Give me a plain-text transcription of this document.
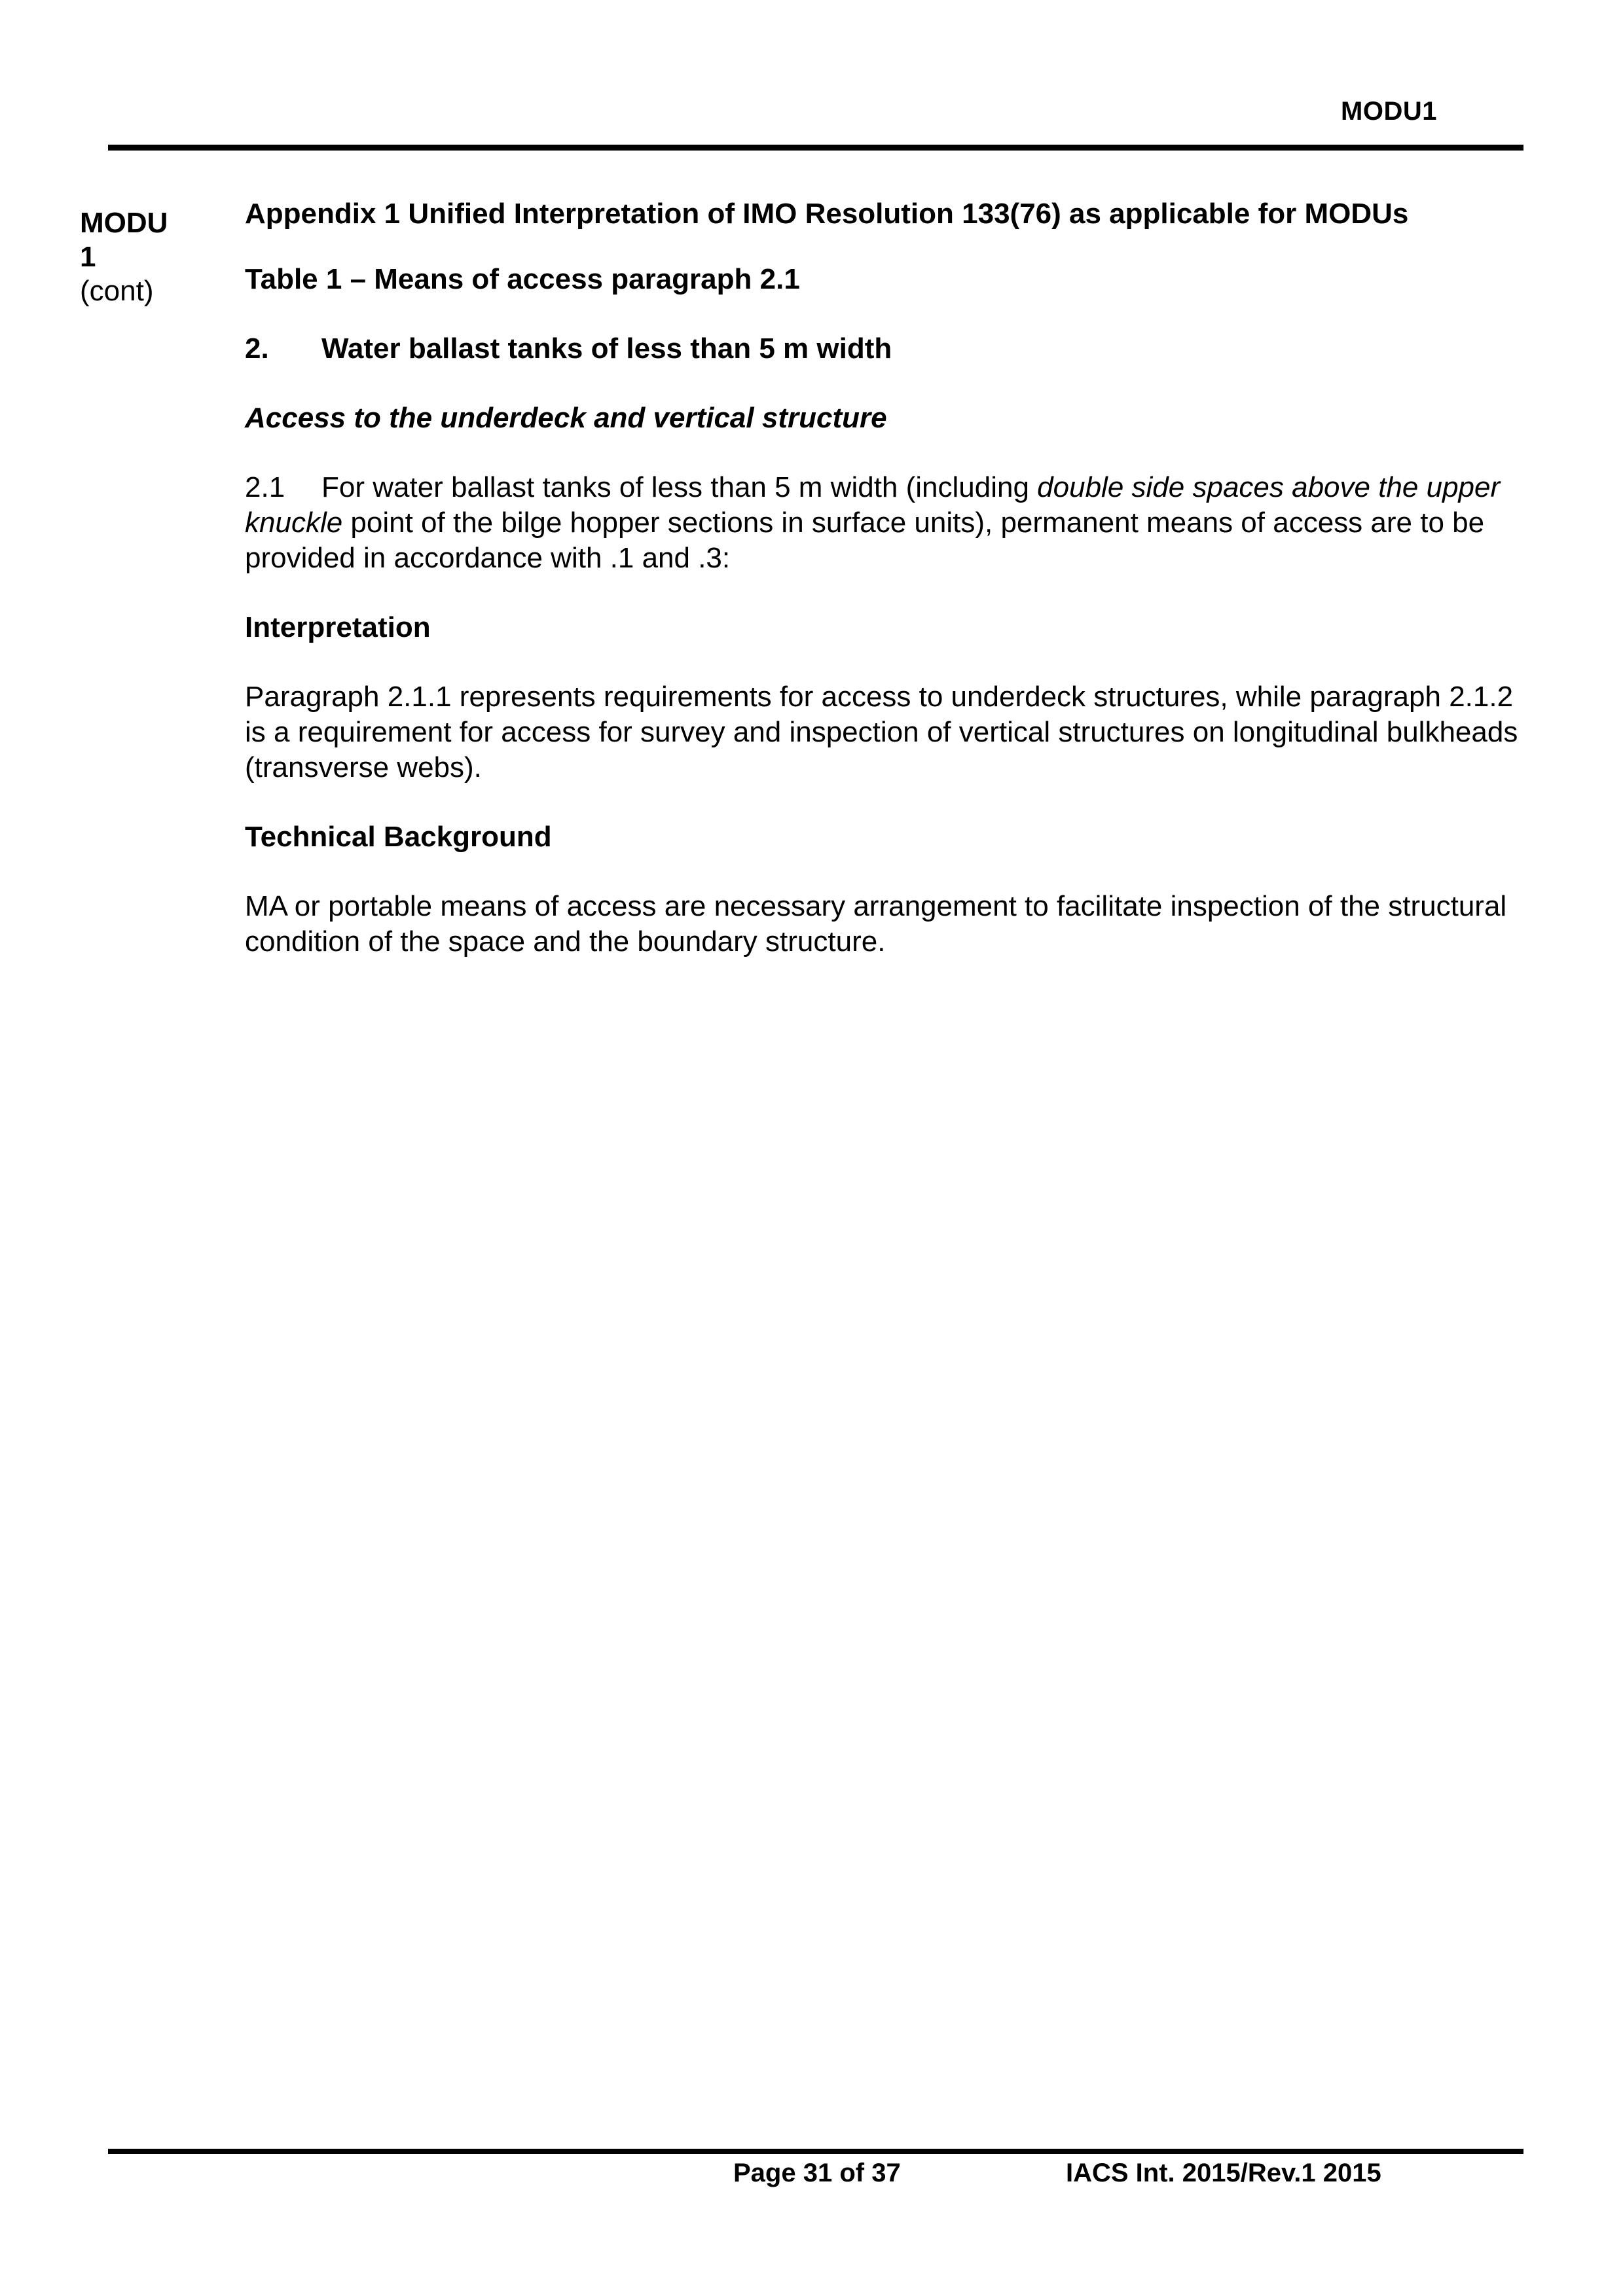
MODU1
MODU
1
(cont)

Appendix 1 Unified Interpretation of IMO Resolution 133(76) as applicable for MODUs

Table 1 – Means of access paragraph 2.1

2. Water ballast tanks of less than 5 m width

Access to the underdeck and vertical structure

2.1 For water ballast tanks of less than 5 m width (including double side spaces above the upper knuckle point of the bilge hopper sections in surface units), permanent means of access are to be provided in accordance with .1 and .3:

Interpretation

Paragraph 2.1.1 represents requirements for access to underdeck structures, while paragraph 2.1.2 is a requirement for access for survey and inspection of vertical structures on longitudinal bulkheads (transverse webs).

Technical Background

MA or portable means of access are necessary arrangement to facilitate inspection of the structural condition of the space and the boundary structure.

Page 31 of 37	IACS Int. 2015/Rev.1 2015
